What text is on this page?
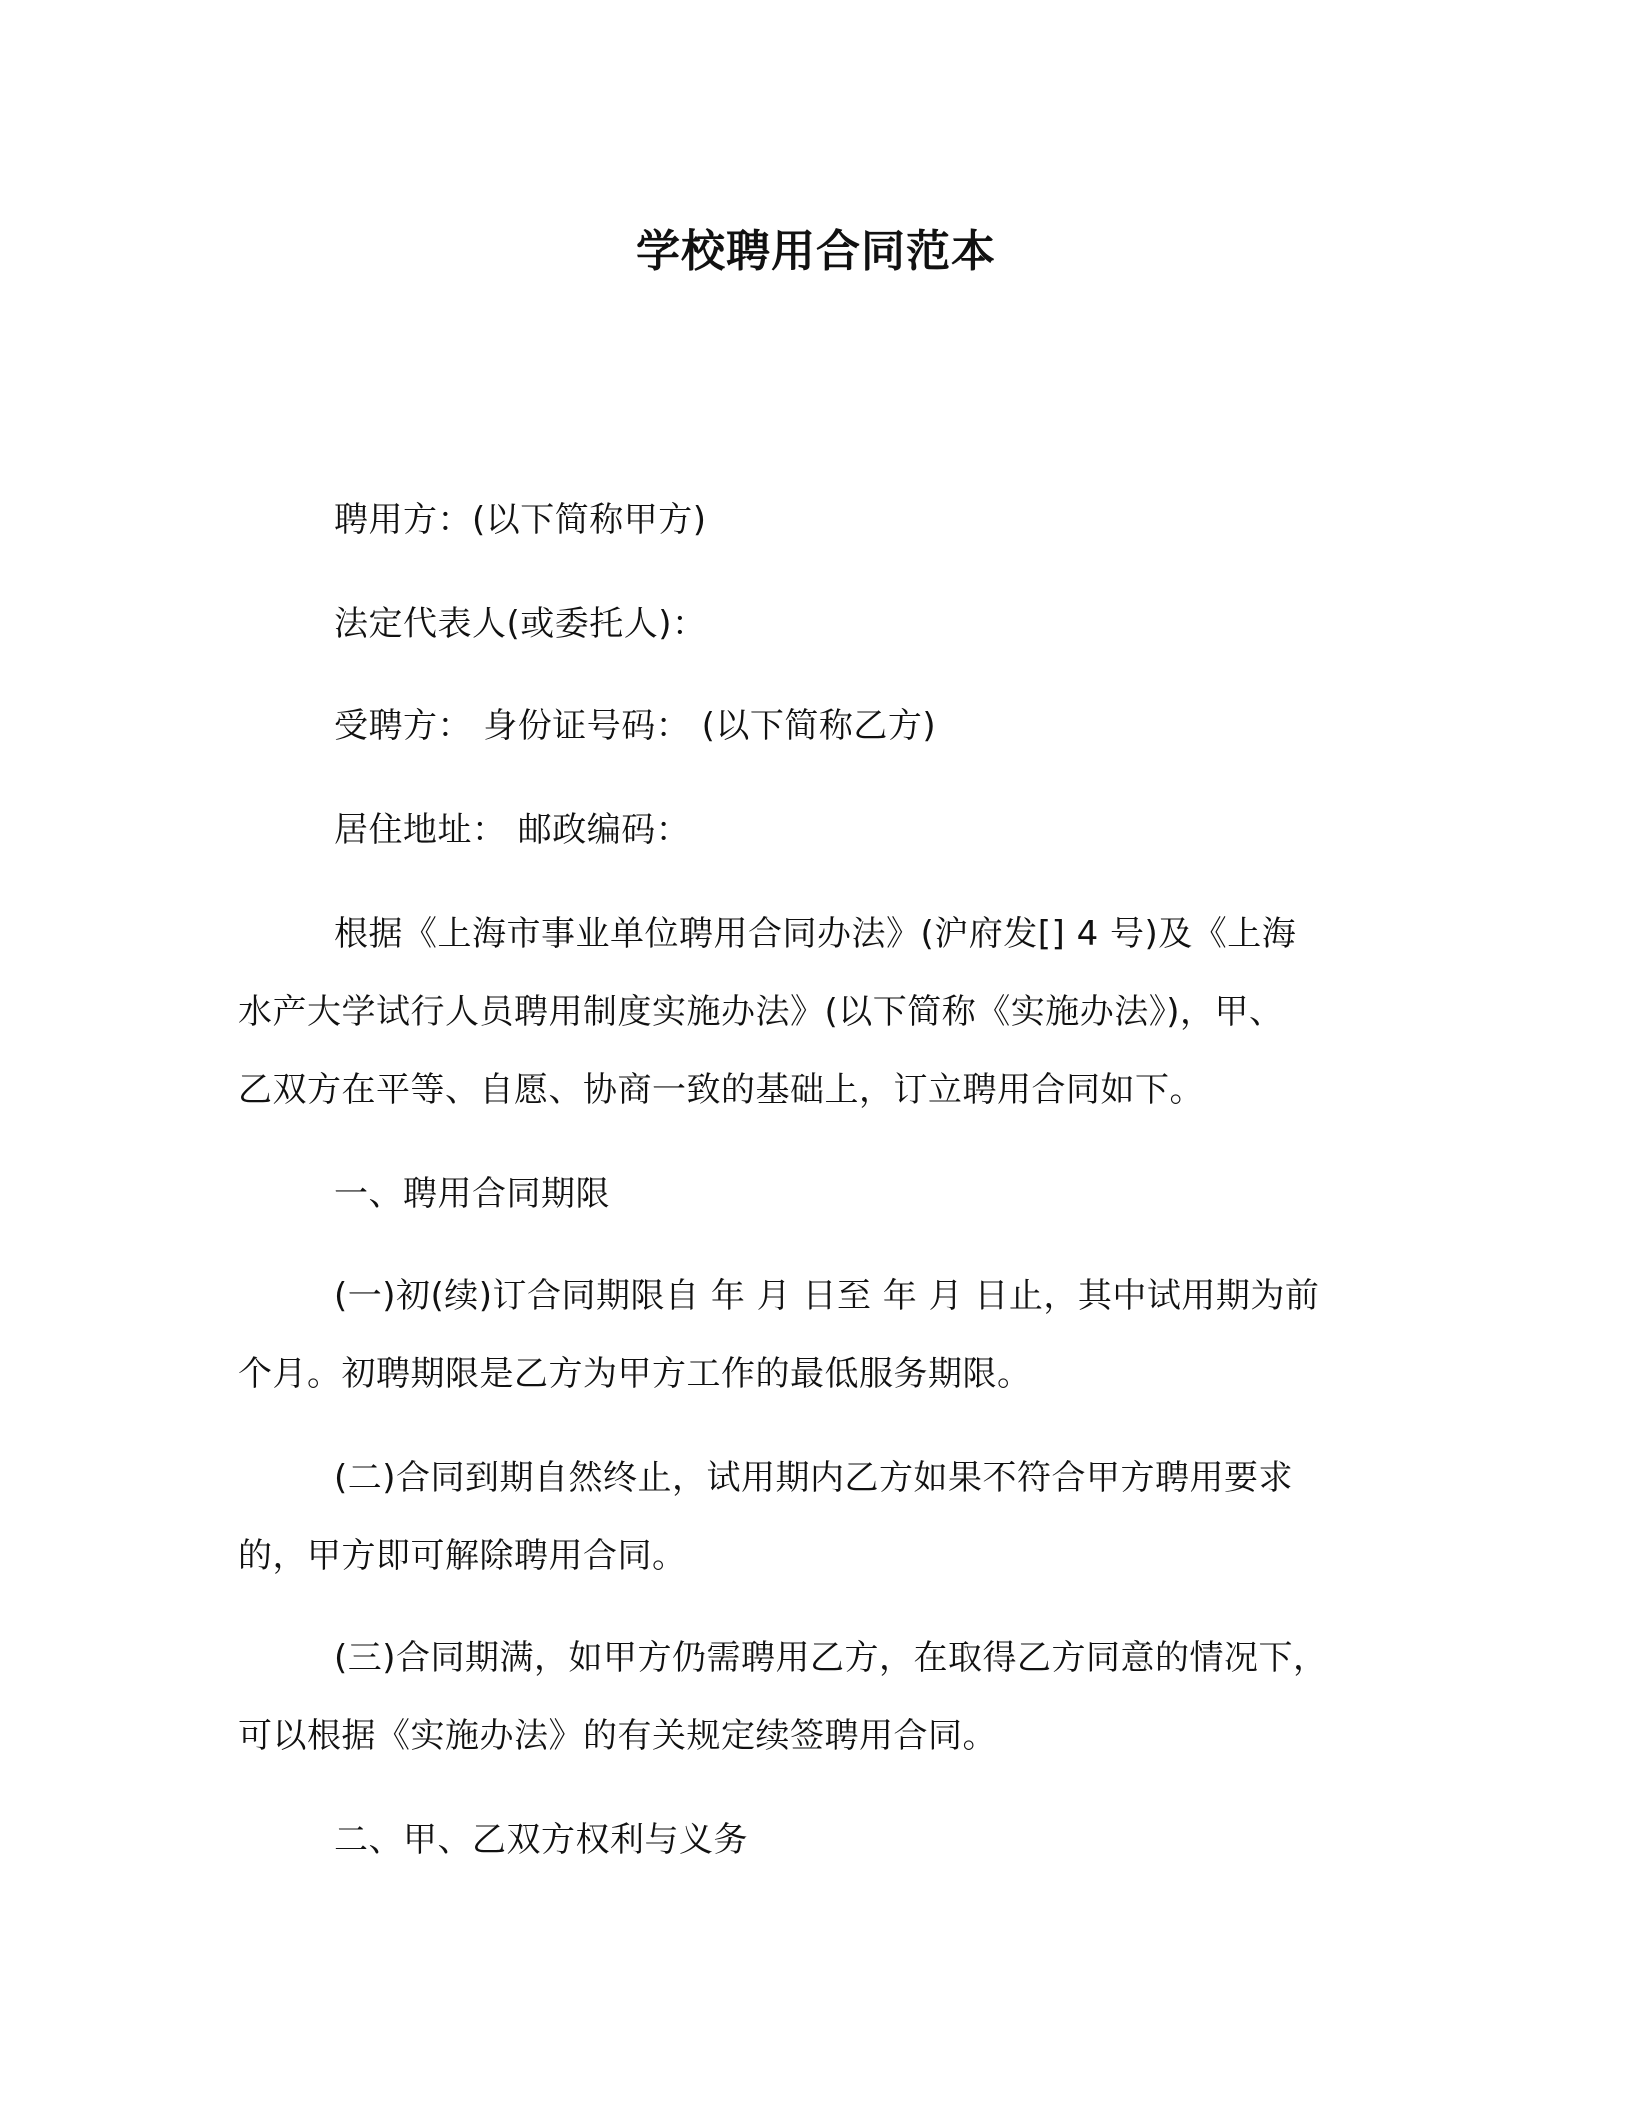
学校聘用合同范本
聘用方：(以下简称甲方)
法定代表人(或委托人)：
受聘方： 身份证号码： (以下简称乙方)
居住地址： 邮政编码：
根据《上海市事业单位聘用合同办法》(沪府发[] 4 号)及《上海
水产大学试行人员聘用制度实施办法》(以下简称《实施办法》)，甲、
乙双方在平等、自愿、协商一致的基础上，订立聘用合同如下。
一、聘用合同期限
(一)初(续)订合同期限自 年 月 日至 年 月 日止，其中试用期为前
个月。初聘期限是乙方为甲方工作的最低服务期限。
(二)合同到期自然终止，试用期内乙方如果不符合甲方聘用要求
的，甲方即可解除聘用合同。
(三)合同期满，如甲方仍需聘用乙方，在取得乙方同意的情况下，
可以根据《实施办法》的有关规定续签聘用合同。
二、甲、乙双方权利与义务
